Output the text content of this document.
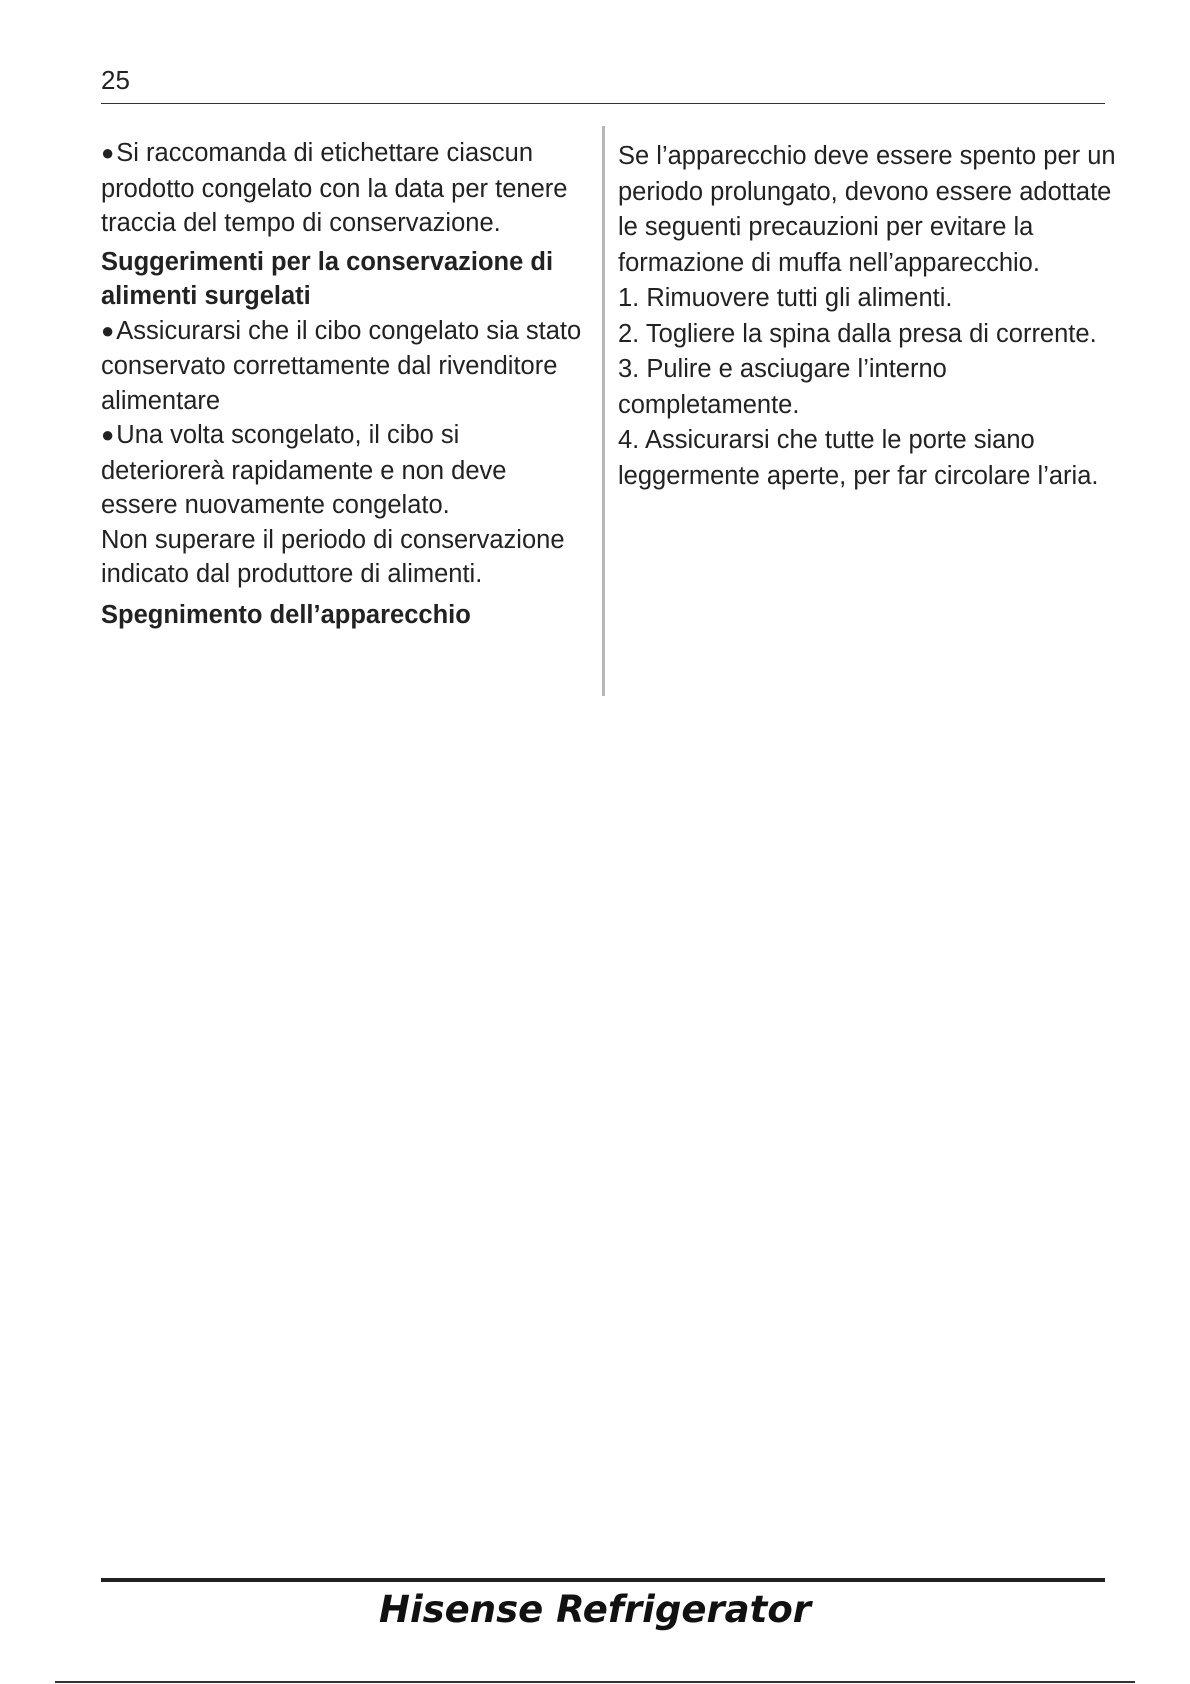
25

●Si raccomanda di etichettare ciascun prodotto congelato con la data per tenere traccia del tempo di conservazione.

Suggerimenti per la conservazione di alimenti surgelati

●Assicurarsi che il cibo congelato sia stato conservato correttamente dal rivenditore alimentare

●Una volta scongelato, il cibo si deteriorerà rapidamente e non deve essere nuovamente congelato.

Non superare il periodo di conservazione indicato dal produttore di alimenti.

Spegnimento dell’apparecchio

Se l’apparecchio deve essere spento per un periodo prolungato, devono essere adottate le seguenti precauzioni per evitare la formazione di muffa nell’apparecchio.

1. Rimuovere tutti gli alimenti.

2. Togliere la spina dalla presa di corrente.

3. Pulire e asciugare l’interno completamente.

4. Assicurarsi che tutte le porte siano leggermente aperte, per far circolare l’aria.

Hisense Refrigerator
